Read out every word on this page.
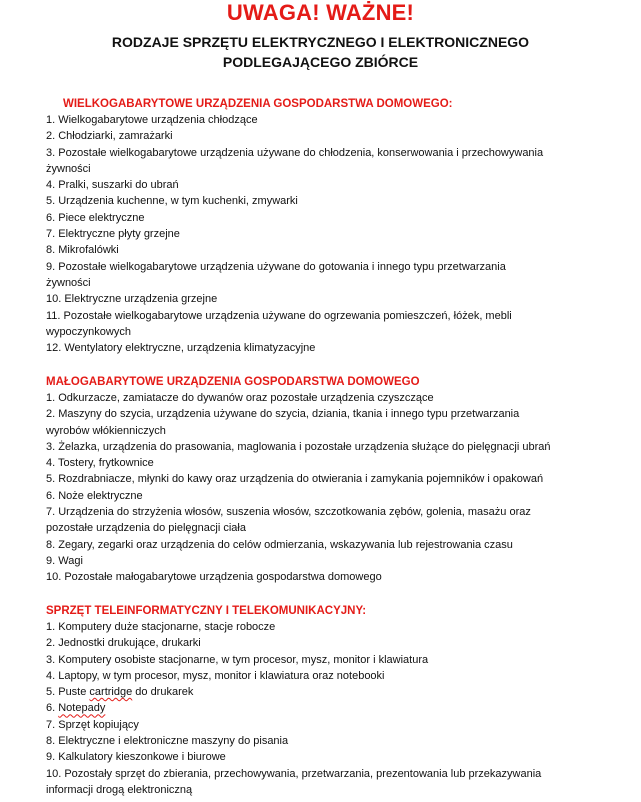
UWAGA! WAŻNE!
RODZAJE SPRZĘTU ELEKTRYCZNEGO I ELEKTRONICZNEGO
PODLEGAJĄCEGO ZBIÓRCE
WIELKOGABARYTOWE URZĄDZENIA GOSPODARSTWA DOMOWEGO:
1. Wielkogabarytowe urządzenia chłodzące
2. Chłodziarki, zamrażarki
3. Pozostałe wielkogabarytowe urządzenia używane do chłodzenia, konserwowania i przechowywania
żywności
4. Pralki, suszarki do ubrań
5. Urządzenia kuchenne, w tym kuchenki, zmywarki
6. Piece elektryczne
7. Elektryczne płyty grzejne
8. Mikrofalówki
9. Pozostałe wielkogabarytowe urządzenia używane do gotowania i innego typu przetwarzania
żywności
10. Elektryczne urządzenia grzejne
11. Pozostałe wielkogabarytowe urządzenia używane do ogrzewania pomieszczeń, łóżek, mebli
wypoczynkowych
12. Wentylatory elektryczne, urządzenia klimatyzacyjne
MAŁOGABARYTOWE URZĄDZENIA GOSPODARSTWA DOMOWEGO
1. Odkurzacze, zamiatacze do dywanów oraz pozostałe urządzenia czyszczące
2. Maszyny do szycia, urządzenia używane do szycia, dziania, tkania i innego typu przetwarzania
wyrobów włókienniczych
3. Żelazka, urządzenia do prasowania, maglowania i pozostałe urządzenia służące do pielęgnacji ubrań
4. Tostery, frytkownice
5. Rozdrabniacze, młynki do kawy oraz urządzenia do otwierania i zamykania pojemników i opakowań
6. Noże elektryczne
7. Urządzenia do strzyżenia włosów, suszenia włosów, szczotkowania zębów, golenia, masażu oraz
pozostałe urządzenia do pielęgnacji ciała
8. Zegary, zegarki oraz urządzenia do celów odmierzania, wskazywania lub rejestrowania czasu
9. Wagi
10. Pozostałe małogabarytowe urządzenia gospodarstwa domowego
SPRZĘT TELEINFORMATYCZNY I TELEKOMUNIKACYJNY:
1. Komputery duże stacjonarne, stacje robocze
2. Jednostki drukujące, drukarki
3. Komputery osobiste stacjonarne, w tym procesor, mysz, monitor i klawiatura
4. Laptopy, w tym procesor, mysz, monitor i klawiatura oraz notebooki
5. Puste cartridge do drukarek
6. Notepady
7. Sprzęt kopiujący
8. Elektryczne i elektroniczne maszyny do pisania
9. Kalkulatory kieszonkowe i biurowe
10. Pozostały sprzęt do zbierania, przechowywania, przetwarzania, prezentowania lub przekazywania
informacji drogą elektroniczną
